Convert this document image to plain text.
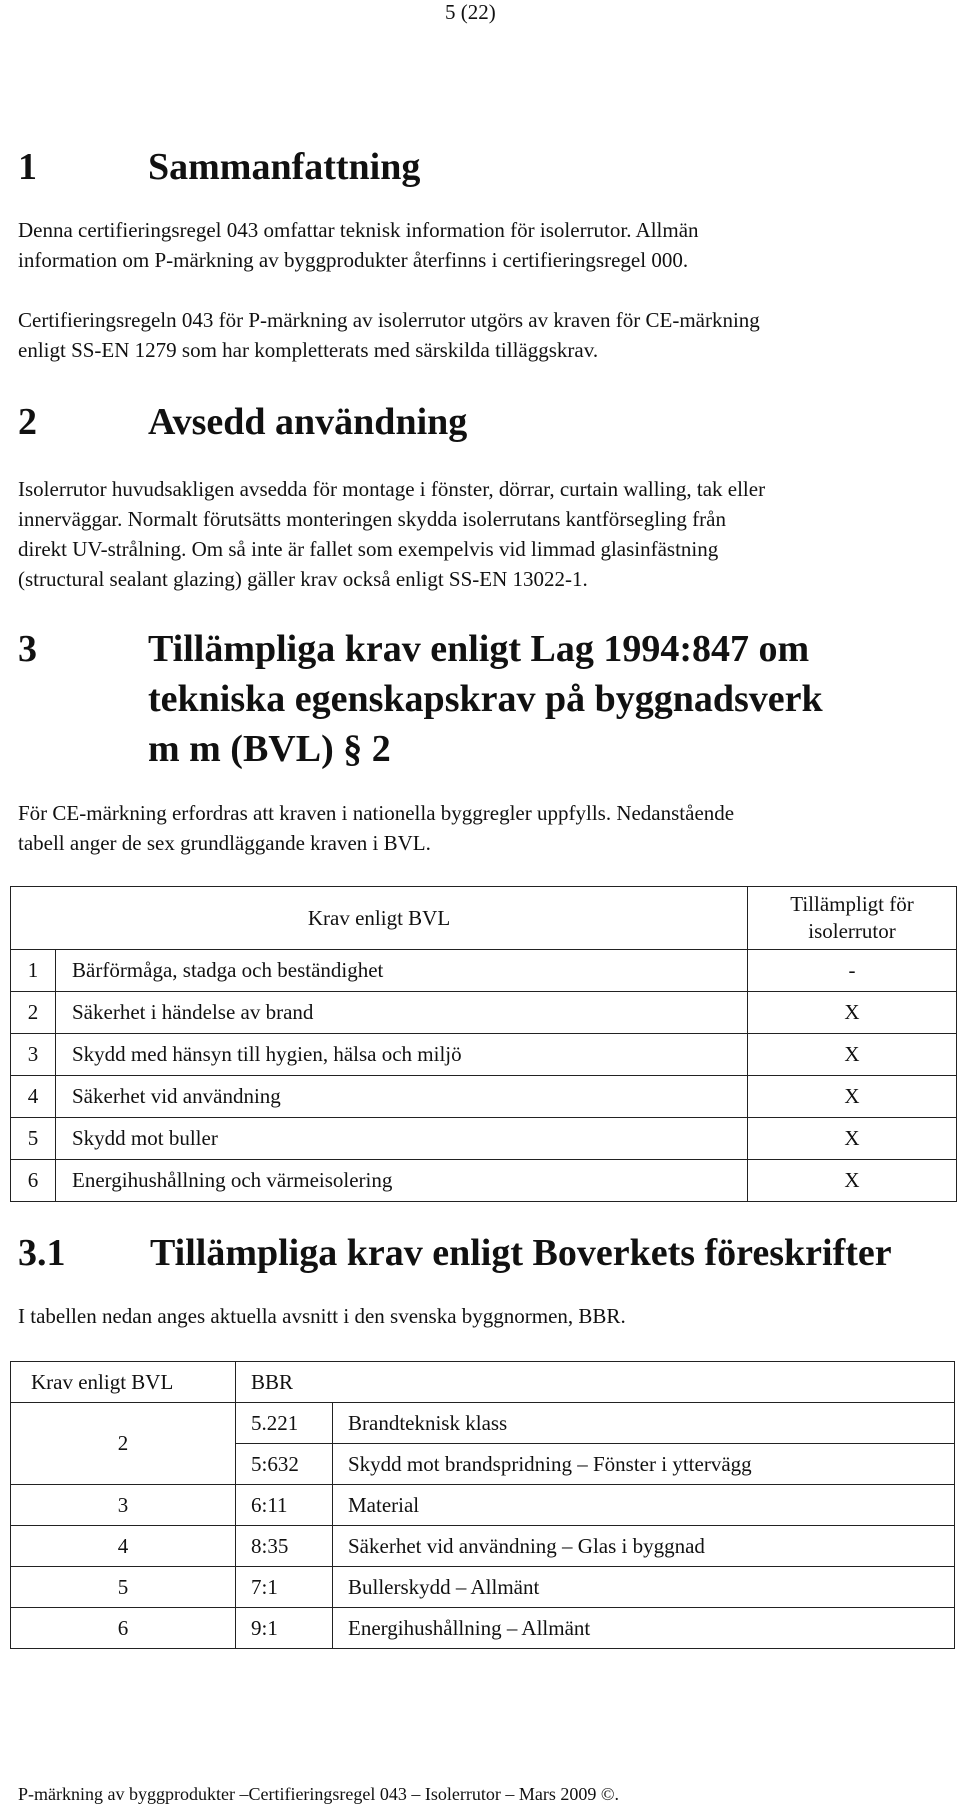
5 (22)
1	Sammanfattning
Denna certifieringsregel 043 omfattar teknisk information för isolerrutor. Allmän
information om P-märkning av byggprodukter återfinns i certifieringsregel 000.
Certifieringsregeln 043 för P-märkning av isolerrutor utgörs av kraven för CE-märkning
enligt SS-EN 1279 som har kompletterats med särskilda tilläggskrav.
2	Avsedd användning
Isolerrutor huvudsakligen avsedda för montage i fönster, dörrar, curtain walling, tak eller
innerväggar. Normalt förutsätts monteringen skydda isolerrutans kantförsegling från
direkt UV-strålning. Om så inte är fallet som exempelvis vid limmad glasinfästning
(structural sealant glazing) gäller krav också enligt SS-EN 13022-1.
3	Tillämpliga krav enligt Lag 1994:847 om
tekniska egenskapskrav på byggnadsverk
m m (BVL) § 2
För CE-märkning erfordras att kraven i nationella byggregler uppfylls. Nedanstående
tabell anger de sex grundläggande kraven i BVL.
Krav enligt BVL		Tillämpligt för
isolerrutor
1	Bärförmåga, stadga och beständighet	-
2	Säkerhet i händelse av brand	X
3	Skydd med hänsyn till hygien, hälsa och miljö	X
4	Säkerhet vid användning	X
5	Skydd mot buller	X
6	Energihushållning och värmeisolering	X
3.1 Tillämpliga krav enligt Boverkets föreskrifter
I tabellen nedan anges aktuella avsnitt i den svenska byggnormen, BBR.
Krav enligt BVL	BBR	
2	5.221	Brandteknisk klass
	5:632	Skydd mot brandspridning – Fönster i yttervägg
3	6:11	Material
4	8:35	Säkerhet vid användning – Glas i byggnad
5	7:1	Bullerskydd – Allmänt
6	9:1	Energihushållning – Allmänt
P-märkning av byggprodukter –Certifieringsregel 043 – Isolerrutor – Mars 2009 ©.
